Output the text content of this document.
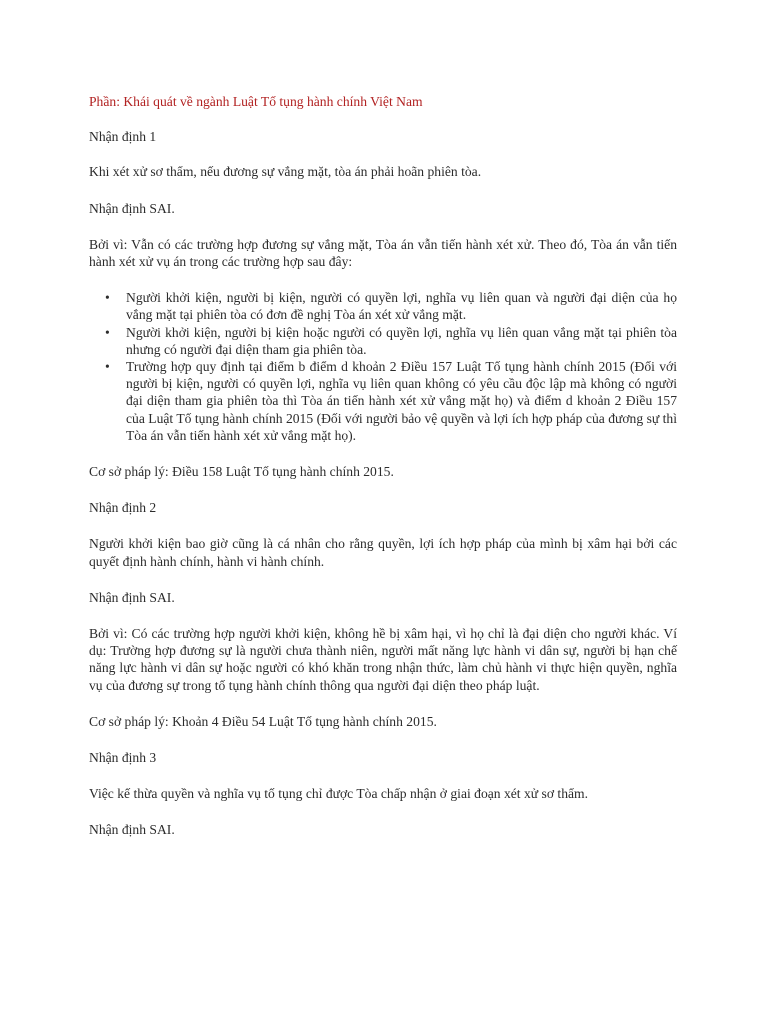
Phần: Khái quát về ngành Luật Tố tụng hành chính Việt Nam

Nhận định 1

Khi xét xử sơ thẩm, nếu đương sự vắng mặt, tòa án phải hoãn phiên tòa.

Nhận định SAI.

Bởi vì: Vẫn có các trường hợp đương sự vắng mặt, Tòa án vẫn tiến hành xét xử. Theo đó, Tòa án vẫn tiến hành xét xử vụ án trong các trường hợp sau đây:

• Người khởi kiện, người bị kiện, người có quyền lợi, nghĩa vụ liên quan và người đại diện của họ vắng mặt tại phiên tòa có đơn đề nghị Tòa án xét xử vắng mặt.
• Người khởi kiện, người bị kiện hoặc người có quyền lợi, nghĩa vụ liên quan vắng mặt tại phiên tòa nhưng có người đại diện tham gia phiên tòa.
• Trường hợp quy định tại điểm b điểm d khoản 2 Điều 157 Luật Tố tụng hành chính 2015 (Đối với người bị kiện, người có quyền lợi, nghĩa vụ liên quan không có yêu cầu độc lập mà không có người đại diện tham gia phiên tòa thì Tòa án tiến hành xét xử vắng mặt họ) và điểm d khoản 2 Điều 157 của Luật Tố tụng hành chính 2015 (Đối với người bảo vệ quyền và lợi ích hợp pháp của đương sự thì Tòa án vẫn tiến hành xét xử vắng mặt họ).

Cơ sở pháp lý: Điều 158 Luật Tố tụng hành chính 2015.

Nhận định 2

Người khởi kiện bao giờ cũng là cá nhân cho rằng quyền, lợi ích hợp pháp của mình bị xâm hại bởi các quyết định hành chính, hành vi hành chính.

Nhận định SAI.

Bởi vì: Có các trường hợp người khởi kiện, không hề bị xâm hại, vì họ chỉ là đại diện cho người khác. Ví dụ: Trường hợp đương sự là người chưa thành niên, người mất năng lực hành vi dân sự, người bị hạn chế năng lực hành vi dân sự hoặc người có khó khăn trong nhận thức, làm chủ hành vi thực hiện quyền, nghĩa vụ của đương sự trong tố tụng hành chính thông qua người đại diện theo pháp luật.

Cơ sở pháp lý: Khoản 4 Điều 54 Luật Tố tụng hành chính 2015.

Nhận định 3

Việc kế thừa quyền và nghĩa vụ tố tụng chỉ được Tòa chấp nhận ở giai đoạn xét xử sơ thẩm.

Nhận định SAI.
